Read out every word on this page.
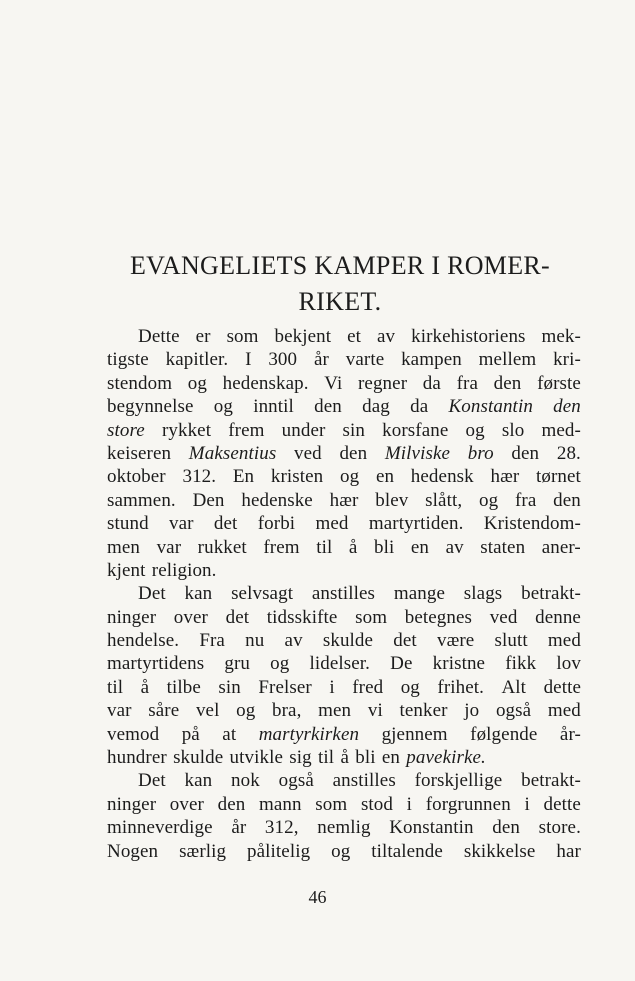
EVANGELIETS KAMPER I ROMER-
RIKET.
Dette er som bekjent et av kirkehistoriens mek-
tigste kapitler. I 300 år varte kampen mellem kri-
stendom og hedenskap. Vi regner da fra den første
begynnelse og inntil den dag da Konstantin den
store rykket frem under sin korsfane og slo med-
keiseren Maksentius ved den Milviske bro den 28.
oktober 312. En kristen og en hedensk hær tørnet
sammen. Den hedenske hær blev slått, og fra den
stund var det forbi med martyrtiden. Kristendom-
men var rukket frem til å bli en av staten aner-
kjent religion.
Det kan selvsagt anstilles mange slags betrakt-
ninger over det tidsskifte som betegnes ved denne
hendelse. Fra nu av skulde det være slutt med
martyrtidens gru og lidelser. De kristne fikk lov
til å tilbe sin Frelser i fred og frihet. Alt dette
var såre vel og bra, men vi tenker jo også med
vemod på at martyrkirken gjennem følgende år-
hundrer skulde utvikle sig til å bli en pavekirke.
Det kan nok også anstilles forskjellige betrakt-
ninger over den mann som stod i forgrunnen i dette
minneverdige år 312, nemlig Konstantin den store.
Nogen særlig pålitelig og tiltalende skikkelse har
46
